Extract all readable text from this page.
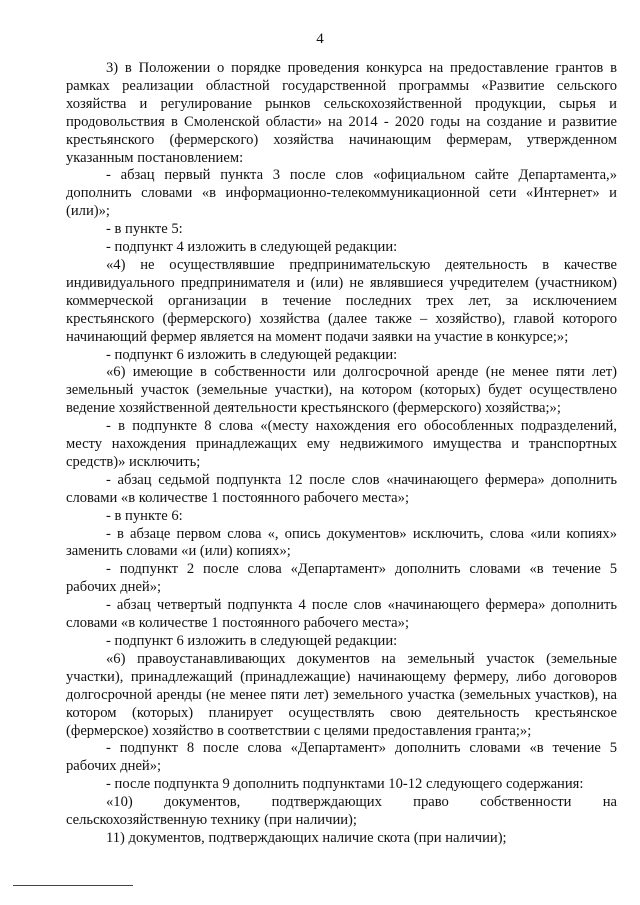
4

3) в Положении о порядке проведения конкурса на предоставление грантов в рамках реализации областной государственной программы «Развитие сельского хозяйства и регулирование рынков сельскохозяйственной продукции, сырья и продовольствия в Смоленской области» на 2014 - 2020 годы на создание и развитие крестьянского (фермерского) хозяйства начинающим фермерам, утвержденном указанным постановлением:

- абзац первый пункта 3 после слов «официальном сайте Департамента,» дополнить словами «в информационно-телекоммуникационной сети «Интернет» и (или)»;

- в пункте 5:

- подпункт 4 изложить в следующей редакции:

«4) не осуществлявшие предпринимательскую деятельность в качестве индивидуального предпринимателя и (или) не являвшиеся учредителем (участником) коммерческой организации в течение последних трех лет, за исключением крестьянского (фермерского) хозяйства (далее также – хозяйство), главой которого начинающий фермер является на момент подачи заявки на участие в конкурсе;»;

- подпункт 6 изложить в следующей редакции:

«6) имеющие в собственности или долгосрочной аренде (не менее пяти лет) земельный участок (земельные участки), на котором (которых) будет осуществлено ведение хозяйственной деятельности крестьянского (фермерского) хозяйства;»;

- в подпункте 8 слова «(месту нахождения его обособленных подразделений, месту нахождения принадлежащих ему недвижимого имущества и транспортных средств)» исключить;

- абзац седьмой подпункта 12 после слов «начинающего фермера» дополнить словами «в количестве 1 постоянного рабочего места»;

- в пункте 6:

- в абзаце первом слова «, опись документов» исключить, слова «или копиях» заменить словами «и (или) копиях»;

- подпункт 2 после слова «Департамент» дополнить словами «в течение 5 рабочих дней»;

- абзац четвертый подпункта 4 после слов «начинающего фермера» дополнить словами «в количестве 1 постоянного рабочего места»;

- подпункт 6 изложить в следующей редакции:

«6) правоустанавливающих документов на земельный участок (земельные участки), принадлежащий (принадлежащие) начинающему фермеру, либо договоров долгосрочной аренды (не менее пяти лет) земельного участка (земельных участков), на котором (которых) планирует осуществлять свою деятельность крестьянское (фермерское) хозяйство в соответствии с целями предоставления гранта;»;

- подпункт 8 после слова «Департамент» дополнить словами «в течение 5 рабочих дней»;

- после подпункта 9 дополнить подпунктами 10-12 следующего содержания:

«10) документов, подтверждающих право собственности на сельскохозяйственную технику (при наличии);

11) документов, подтверждающих наличие скота (при наличии);
